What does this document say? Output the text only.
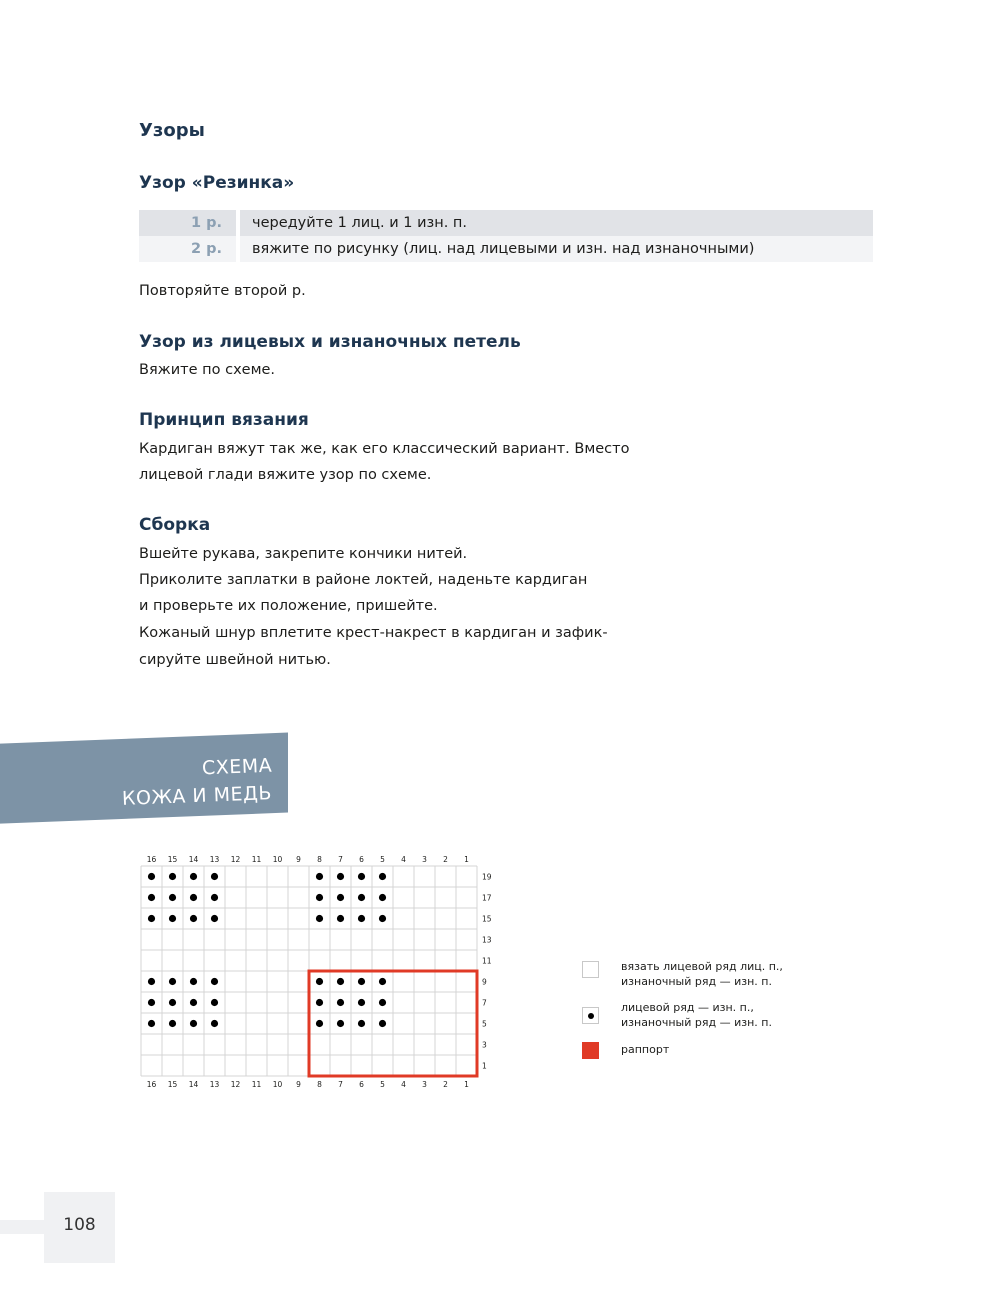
Узоры
Узор «Резинка»
1 р.	чередуйте 1 лиц. и 1 изн. п.
2 р.	вяжите по рисунку (лиц. над лицевыми и изн. над изнаночными)

Повторяйте второй р.

Узор из лицевых и изнаночных петель

Вяжите по схеме.

Принцип вязания

Кардиган вяжут так же, как его классический вариант. Вместо

лицевой глади вяжите узор по схеме.

Сборка

Вшейте рукава, закрепите кончики нитей.

Приколите заплатки в районе локтей, наденьте кардиган

и проверьте их положение, пришейте.

Кожаный шнур вплетите крест-накрест в кардиган и зафик-

сируйте швейной нитью.

СХЕМА
КОЖА И МЕДЬ
16
16
15
15
14
14
13
13
12
12
11
11
10
10
9
9
8
8
7
7
6
6
5
5
4
4
3
3
2
2
1
1
19
17
15
13
11
9
7
5
3
1
вязать лицевой ряд лиц. п.,
изнаночный ряд — изн. п.
лицевой ряд — изн. п.,
изнаночный ряд — изн. п.
раппорт
108
